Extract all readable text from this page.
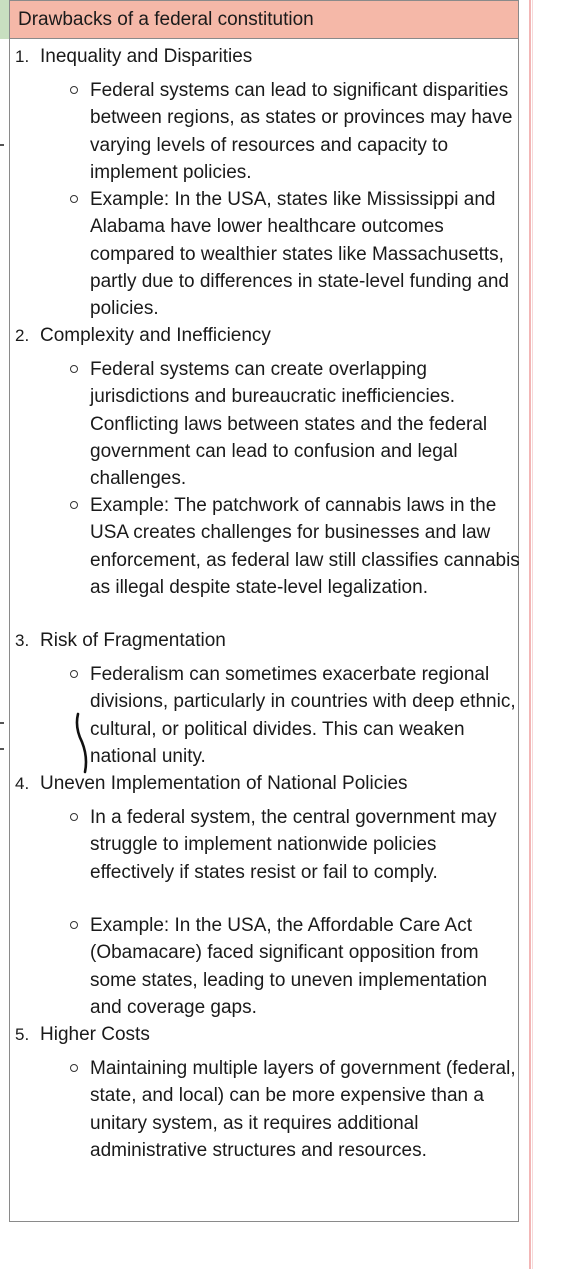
Drawbacks of a federal constitution
1. Inequality and Disparities
Federal systems can lead to significant disparities between regions, as states or provinces may have varying levels of resources and capacity to implement policies.
Example: In the USA, states like Mississippi and Alabama have lower healthcare outcomes compared to wealthier states like Massachusetts, partly due to differences in state-level funding and policies.
2. Complexity and Inefficiency
Federal systems can create overlapping jurisdictions and bureaucratic inefficiencies. Conflicting laws between states and the federal government can lead to confusion and legal challenges.
Example: The patchwork of cannabis laws in the USA creates challenges for businesses and law enforcement, as federal law still classifies cannabis as illegal despite state-level legalization.
3. Risk of Fragmentation
Federalism can sometimes exacerbate regional divisions, particularly in countries with deep ethnic, cultural, or political divides. This can weaken national unity.
4. Uneven Implementation of National Policies
In a federal system, the central government may struggle to implement nationwide policies effectively if states resist or fail to comply.
Example: In the USA, the Affordable Care Act (Obamacare) faced significant opposition from some states, leading to uneven implementation and coverage gaps.
5. Higher Costs
Maintaining multiple layers of government (federal, state, and local) can be more expensive than a unitary system, as it requires additional administrative structures and resources.
